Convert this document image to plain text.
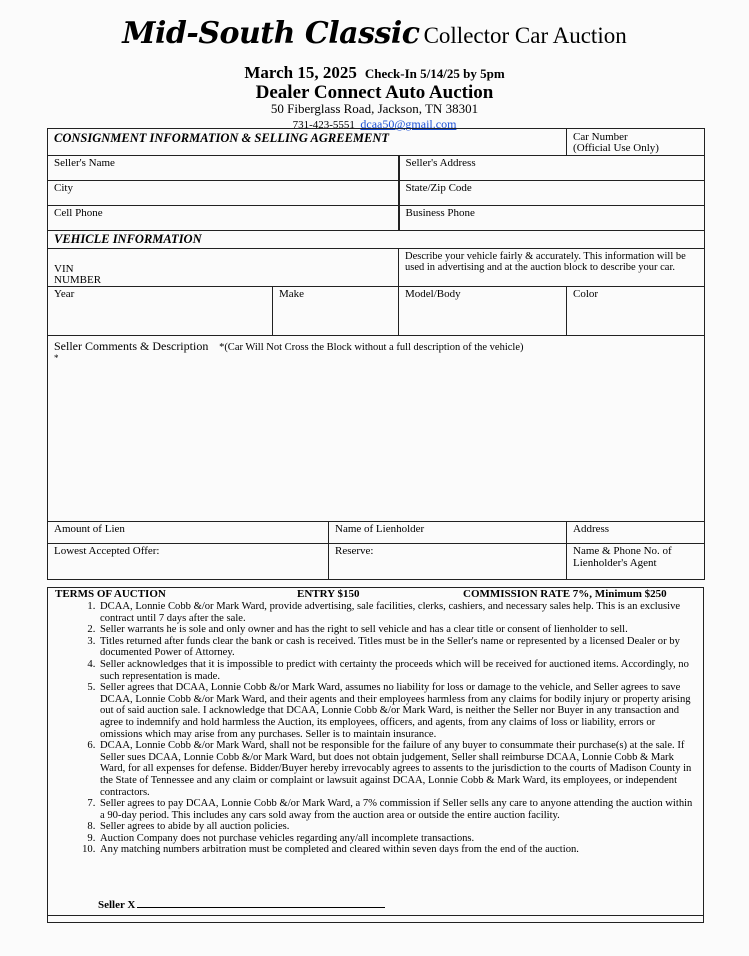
Mid-South Classic Collector Car Auction
March 15, 2025 Check-In 5/14/25 by 5pm
Dealer Connect Auto Auction
50 Fiberglass Road, Jackson, TN 38301
731-423-5551 dcaa50@gmail.com
CONSIGNMENT INFORMATION & SELLING AGREEMENT				Car Number
(Official Use Only)

Seller's Name			Seller's Address	
City			State/Zip Code	
Cell Phone			Business Phone	
VEHICLE INFORMATION				

VIN
NUMBER			Describe your vehicle fairly & accurately. This information will be used in advertising and at the auction block to describe your car.	
Year	Make		Model/Body	Color
Seller Comments & Description *(Car Will Not Cross the Block without a full description of the vehicle)
*				

Amount of Lien		Name of Lienholder		Address
Lowest Accepted Offer:		Reserve:		Name & Phone No. of Lienholder's Agent
TERMS OF AUCTION	ENTRY $150	COMMISSION RATE 7%, Minimum $250
1. DCAA, Lonnie Cobb &/or Mark Ward, provide advertising, sale facilities, clerks, cashiers, and necessary sales help. This is an exclusive contract until 7 days after the sale.
2. Seller warrants he is sole and only owner and has the right to sell vehicle and has a clear title or consent of lienholder to sell.
3. Titles returned after funds clear the bank or cash is received. Titles must be in the Seller's name or represented by a licensed Dealer or by documented Power of Attorney.
4. Seller acknowledges that it is impossible to predict with certainty the proceeds which will be received for auctioned items. Accordingly, no such representation is made.
5. Seller agrees that DCAA, Lonnie Cobb &/or Mark Ward, assumes no liability for loss or damage to the vehicle, and Seller agrees to save DCAA, Lonnie Cobb &/or Mark Ward, and their agents and their employees harmless from any claims for bodily injury or property arising out of said auction sale. I acknowledge that DCAA, Lonnie Cobb &/or Mark Ward, is neither the Seller nor Buyer in any transaction and agree to indemnify and hold harmless the Auction, its employees, officers, and agents, from any claims of loss or liability, errors or omissions which may arise from any purchases. Seller is to maintain insurance.
6. DCAA, Lonnie Cobb &/or Mark Ward, shall not be responsible for the failure of any buyer to consummate their purchase(s) at the sale. If Seller sues DCAA, Lonnie Cobb &/or Mark Ward, but does not obtain judgement, Seller shall reimburse DCAA, Lonnie Cobb & Mark Ward, for all expenses for defense. Bidder/Buyer hereby irrevocably agrees to assents to the jurisdiction to the courts of Madison County in the State of Tennessee and any claim or complaint or lawsuit against DCAA, Lonnie Cobb & Mark Ward, its employees, or independent contractors.
7. Seller agrees to pay DCAA, Lonnie Cobb &/or Mark Ward, a 7% commission if Seller sells any care to anyone attending the auction within a 90-day period. This includes any cars sold away from the auction area or outside the entire auction facility.
8. Seller agrees to abide by all auction policies.
9. Auction Company does not purchase vehicles regarding any/all incomplete transactions.
10. Any matching numbers arbitration must be completed and cleared within seven days from the end of the auction.
Seller X
